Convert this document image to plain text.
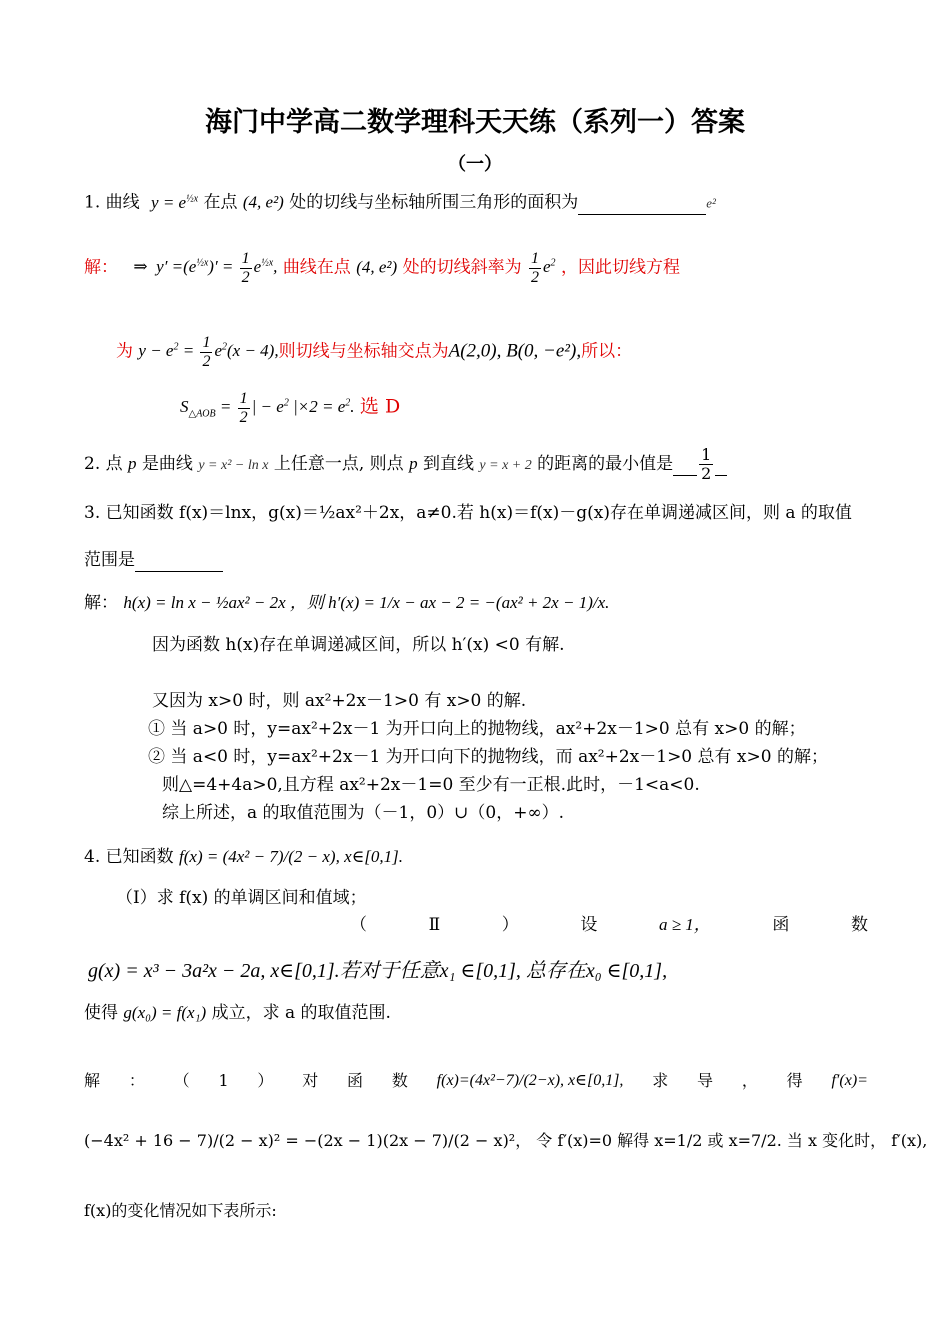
海门中学高二数学理科天天练（系列一）答案
（一）
1. 曲线 $y = e^{\frac{1}{2}x}$ 在点 (4, e²) 处的切线与坐标轴所围三角形的面积为	e²
解： ⇒  $y' =(e^{\frac{1}{2}x})' = \frac{1}{2} e^{\frac{1}{2}x}$, 曲线在点 (4, e²) 处的切线斜率为 $\frac{1}{2} e^2$ ，因此切线方程
为 $y - e^2 = \frac{1}{2} e^2(x - 4)$,则切线与坐标轴交点为A(2,0), B(0, −e²),所以：
$S_{\triangle AOB} = \frac{1}{2}$ | − $e^2$ $|\times 2 = e^2$. 选 D
2. 点 p 是曲线 y = x² − ln x 上任意一点, 则点 p 到直线 y = x + 2 的距离的最小值是 $\frac{1}{2}$

3. 已知函数 f(x)＝lnx，g(x)＝½ax²＋2x，a≠0.若 h(x)＝f(x)－g(x)存在单调递减区间，则 a 的取值
范围是
解： h(x) = ln x − ½ax² − 2x ，则 h′(x) = 1/x − ax − 2 = −(ax² + 2x − 1)/x.
因为函数 h(x)存在单调递减区间，所以 h′(x) <0 有解.
又因为 x>0 时，则 ax²+2x－1>0 有 x>0 的解.
① 当 a>0 时，y=ax²+2x－1 为开口向上的抛物线，ax²+2x－1>0 总有 x>0 的解；
② 当 a<0 时，y=ax²+2x－1 为开口向下的抛物线，而 ax²+2x－1>0 总有 x>0 的解；
则△=4+4a>0,且方程 ax²+2x－1=0 至少有一正根.此时，－1<a<0.
综上所述，a 的取值范围为（－1，0）∪（0，+∞）.
4. 已知函数 f(x) = (4x² − 7)/(2 − x), x∈[0,1].
（Ⅰ）求 f(x) 的单调区间和值域；
（	Ⅱ	）	设	a ≥ 1，	函	数
g(x) = x³ − 3a²x − 2a, x∈[0,1].若对于任意x₁ ∈[0,1], 总存在x₀ ∈[0,1],
使得 g(x₀) = f(x₁) 成立，求 a 的取值范围.
解 ： （ 1 ） 对 函 数 f(x)=(4x²−7)/(2−x), x∈[0,1], 求 导 ， 得 f′(x)=
(−4x² + 16 − 7)/(2 − x)² = −(2x − 1)(2x − 7)/(2 − x)²， 令 f′(x)=0 解得 x=1/2 或 x=7/2. 当 x 变化时， f′(x),
f(x)的变化情况如下表所示:
